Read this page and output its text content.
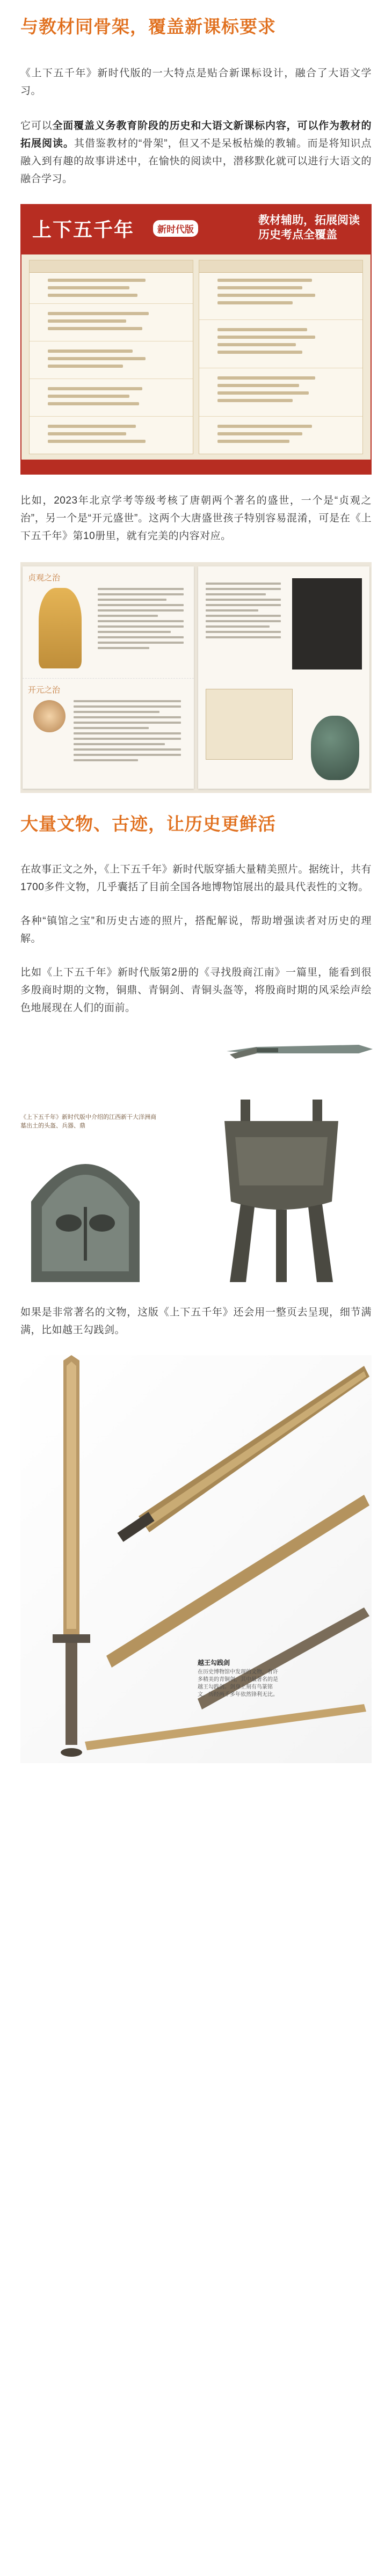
与教材同骨架，覆盖新课标要求

《上下五千年》新时代版的一大特点是贴合新课标设计，融合了大语文学习。

它可以全面覆盖义务教育阶段的历史和大语文新课标内容，可以作为教材的拓展阅读。其借鉴教材的“骨架”，但又不是呆板枯燥的教辅。而是将知识点融入到有趣的故事讲述中，在愉快的阅读中，潜移默化就可以进行大语文的融合学习。

上下五千年	新时代版
教材辅助，拓展阅读
历史考点全覆盖

比如，2023年北京学考等级考核了唐朝两个著名的盛世，一个是“贞观之治”，另一个是“开元盛世”。这两个大唐盛世孩子特别容易混淆，可是在《上下五千年》第10册里，就有完美的内容对应。

贞观之治
开元之治
大量文物、古迹，让历史更鲜活

在故事正文之外，《上下五千年》新时代版穿插大量精美照片。据统计，共有1700多件文物，几乎囊括了目前全国各地博物馆展出的最具代表性的文物。

各种“镇馆之宝”和历史古迹的照片，搭配解说，帮助增强读者对历史的理解。

比如《上下五千年》新时代版第2册的《寻找殷商江南》一篇里，能看到很多殷商时期的文物，铜鼎、青铜剑、青铜头盔等，将殷商时期的风采绘声绘色地展现在人们的面前。

《上下五千年》新时代版中介绍的江西新干大洋洲商墓出土的头盔、兵器、鼎

如果是非常著名的文物，这版《上下五千年》还会用一整页去呈现，细节满满，比如越王勾践剑。

越王勾践剑
在历史博物馆中发现的文物，有许多精美的青铜剑，其中最著名的是越王勾践剑。剑身上刻有鸟篆铭文，历经两千多年依然锋利无比。
